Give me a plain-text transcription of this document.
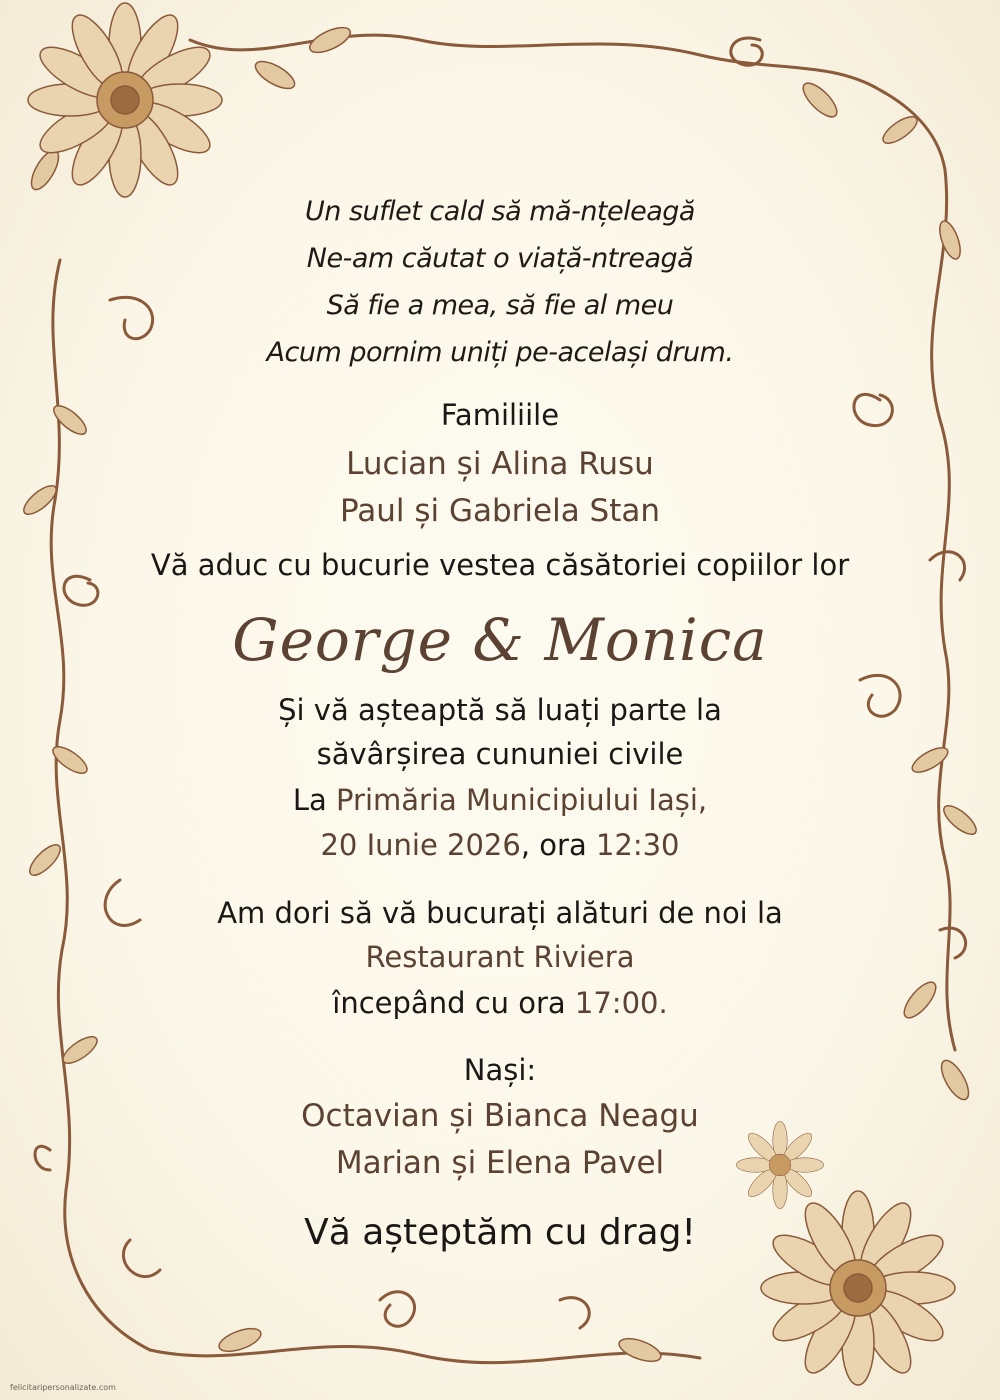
Un suflet cald să mă-nțeleagă
Ne-am căutat o viață-ntreagă
Să fie a mea, să fie al meu
Acum pornim uniți pe-același drum.
Familiile
Lucian și Alina Rusu
Paul și Gabriela Stan
Vă aduc cu bucurie vestea căsătoriei copiilor lor
George & Monica
Și vă așteaptă să luați parte la
săvârșirea cununiei civile
La Primăria Municipiului Iași,
20 Iunie 2026, ora 12:30
Am dori să vă bucurați alături de noi la
Restaurant Riviera
începând cu ora 17:00.
Nași:
Octavian și Bianca Neagu
Marian și Elena Pavel
Vă așteptăm cu drag!
felicitaripersonalizate.com
